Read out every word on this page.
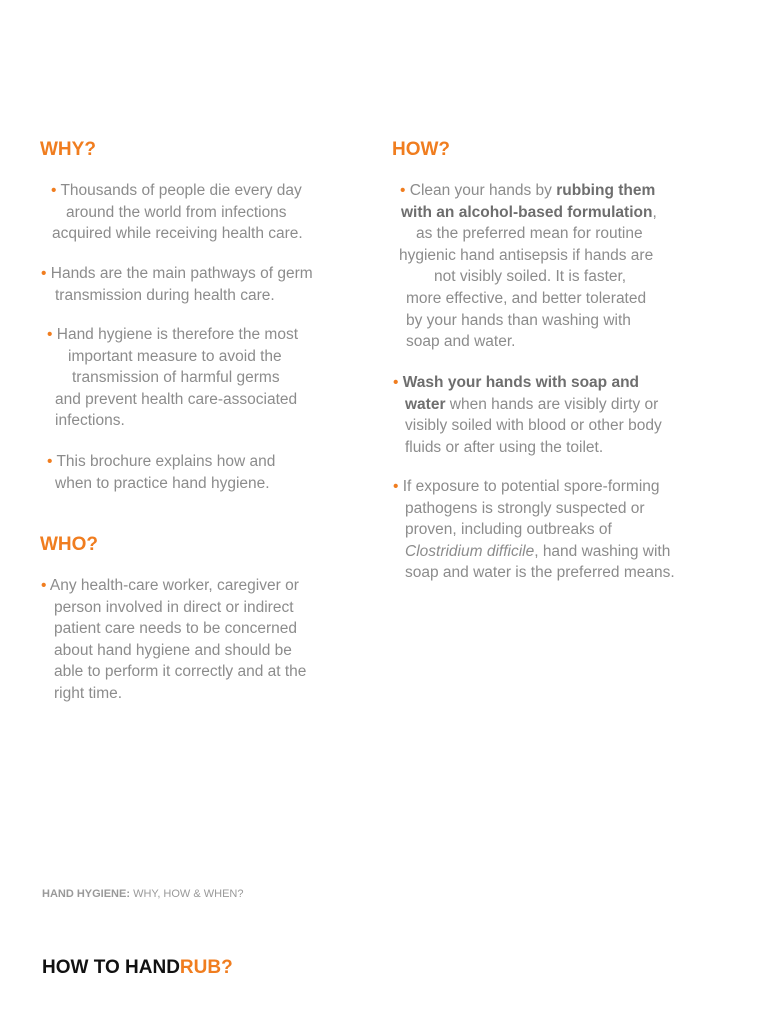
WHY?

• Thousands of people die every day
around the world from infections
acquired while receiving health care.

• Hands are the main pathways of germ
transmission during health care.

• Hand hygiene is therefore the most
important measure to avoid the
transmission of harmful germs
and prevent health care-associated
infections.

• This brochure explains how and
when to practice hand hygiene.

WHO?

• Any health-care worker, caregiver or
person involved in direct or indirect
patient care needs to be concerned
about hand hygiene and should be
able to perform it correctly and at the
right time.

HOW?

• Clean your hands by rubbing them
with an alcohol-based formulation,
as the preferred mean for routine
hygienic hand antisepsis if hands are
not visibly soiled. It is faster,
more effective, and better tolerated
by your hands than washing with
soap and water.

• Wash your hands with soap and
water when hands are visibly dirty or
visibly soiled with blood or other body
fluids or after using the toilet.

• If exposure to potential spore-forming
pathogens is strongly suspected or
proven, including outbreaks of
Clostridium difficile, hand washing with
soap and water is the preferred means.

HAND HYGIENE: WHY, HOW & WHEN?

HOW TO HANDRUB?
